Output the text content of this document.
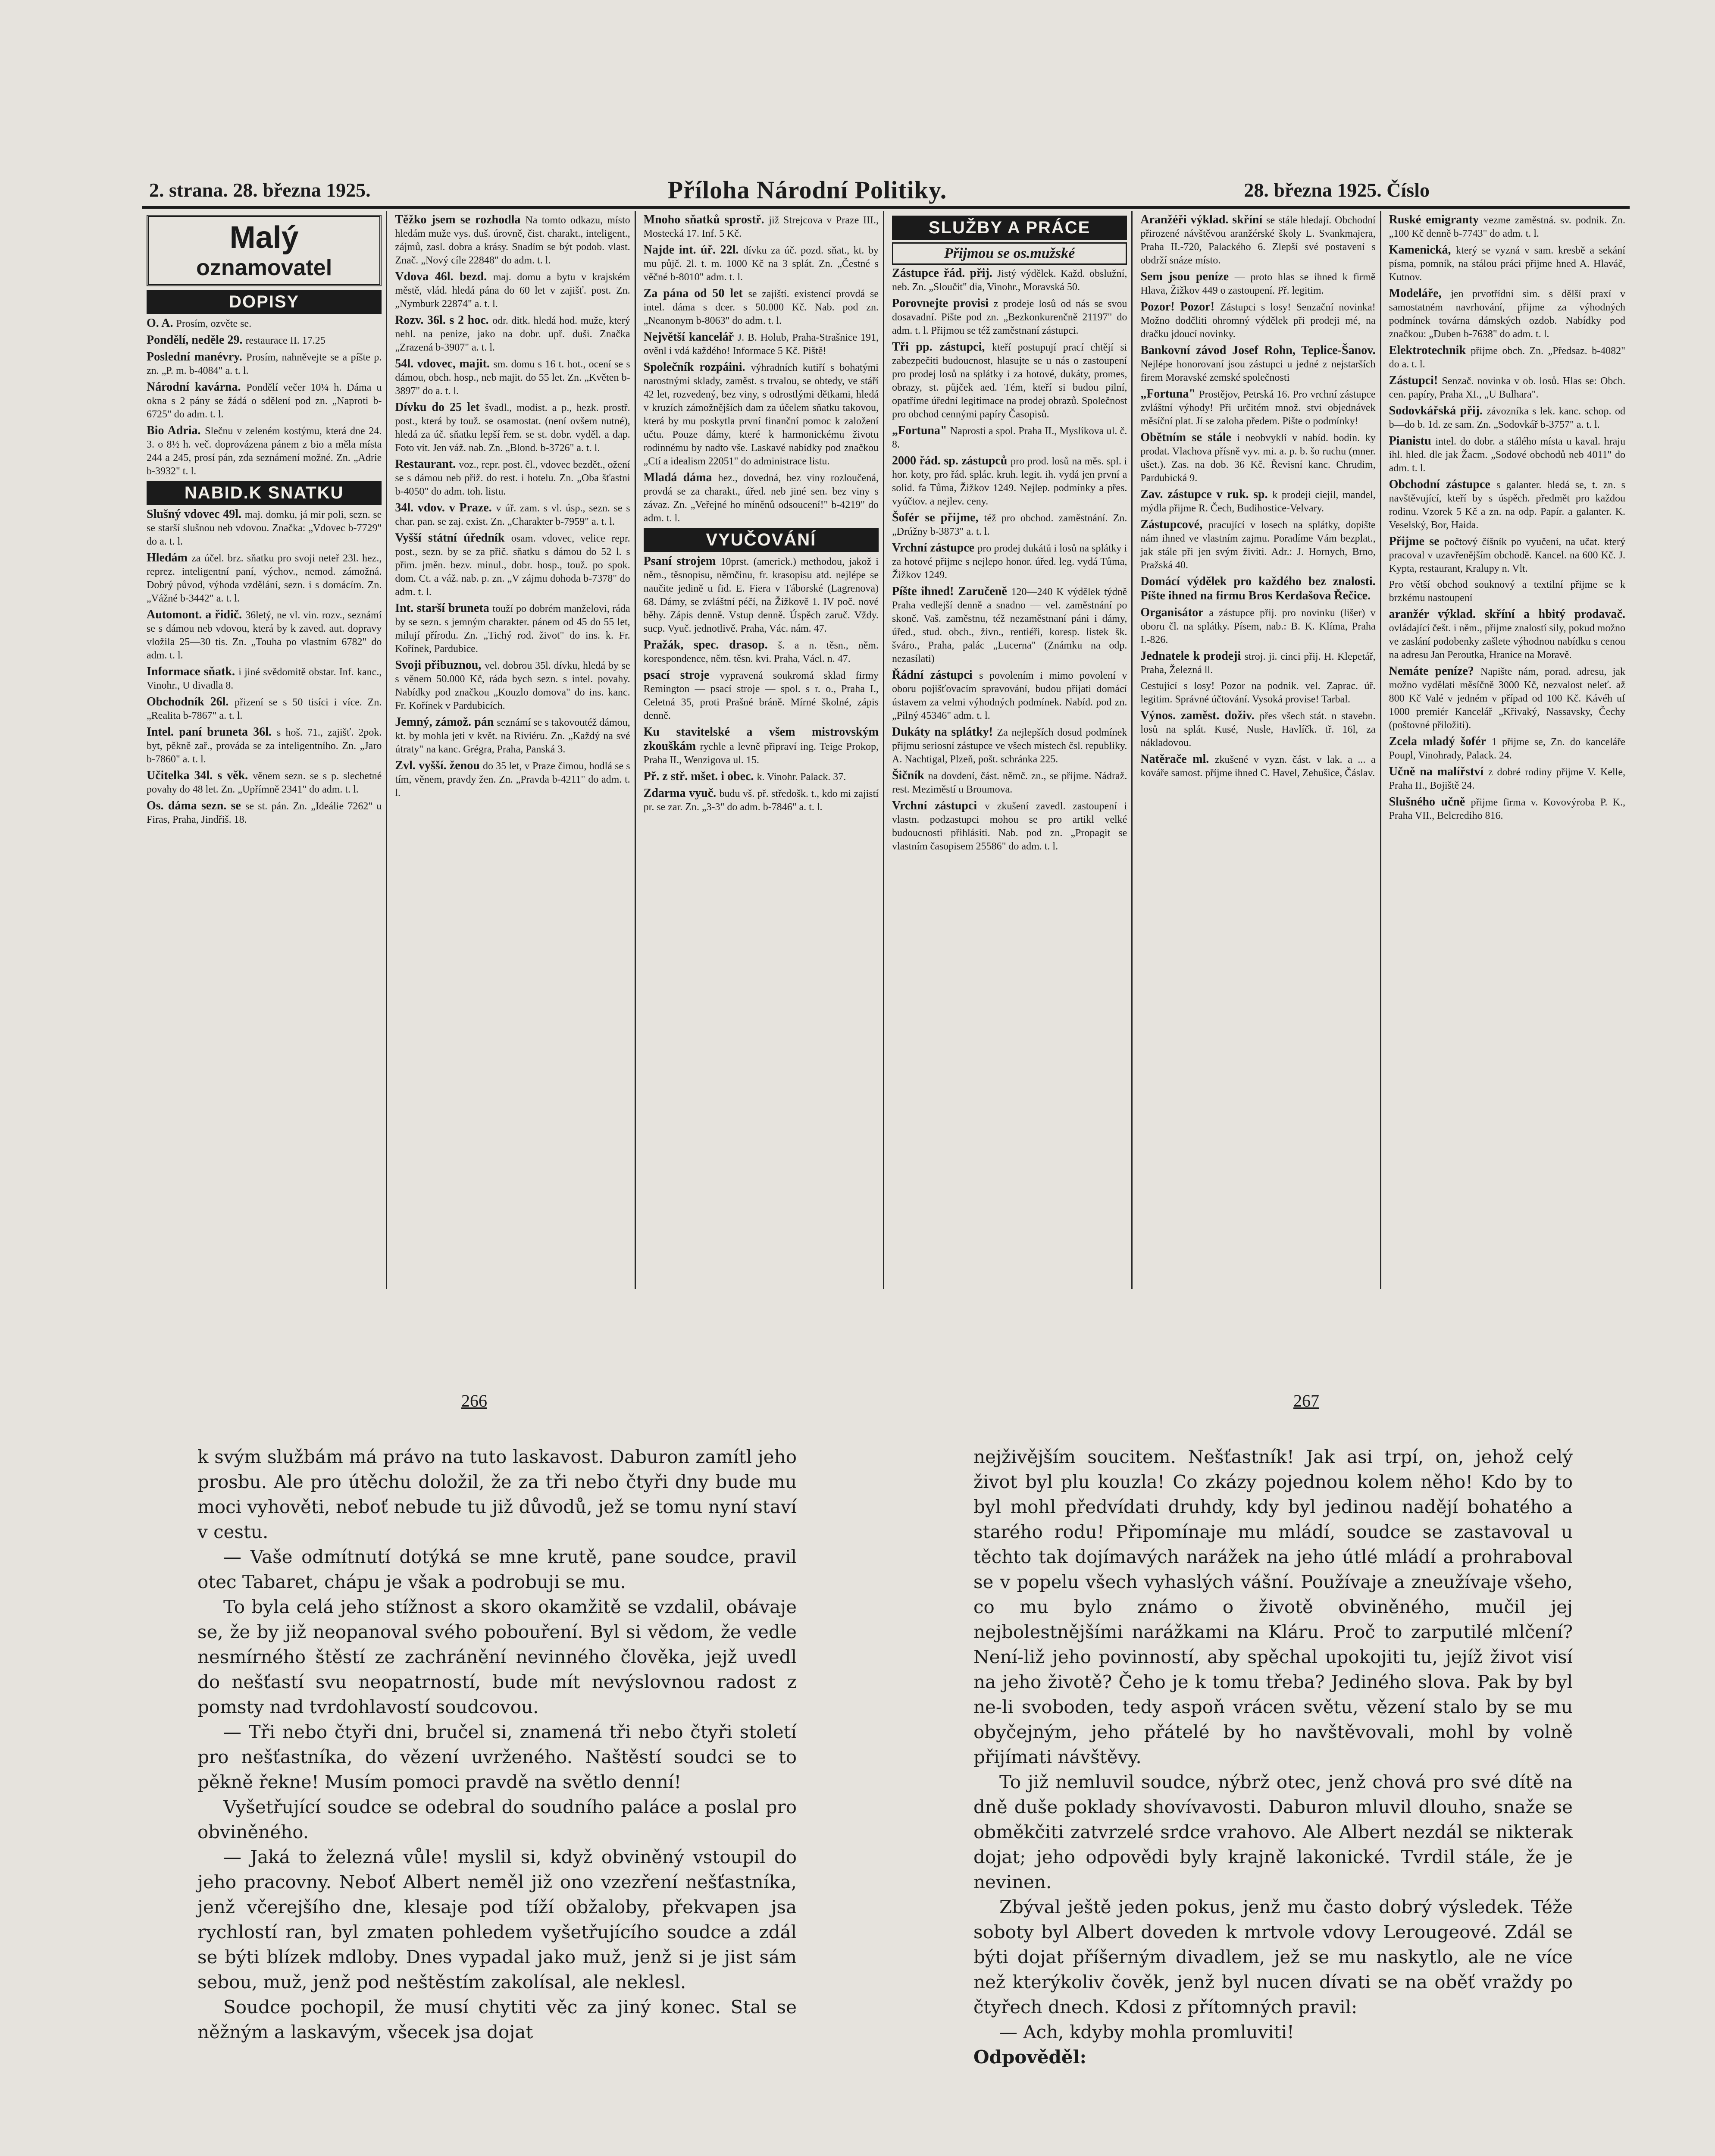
2. strana. 28. března 1925.	Příloha Národní Politiky.	28. března 1925. Číslo
Malý
oznamovatel
DOPISY
O. A. Prosím, ozvěte se.
Pondělí, neděle 29. restaurace II. 17.25
Poslední manévry. Prosím, nahněvejte se a píšte p. zn. „P. m. b-4084" a. t. l.
Národní kavárna. Pondělí večer 10¼ h. Dáma u okna s 2 pány se žádá o sdělení pod zn. „Naproti b-6725" do adm. t. l.
Bio Adria. Slečnu v zeleném kostýmu, která dne 24. 3. o 8½ h. več. doprovázena pánem z bio a měla místa 244 a 245, prosí pán, zda seznámení možné. Zn. „Adrie b-3932" t. l.
NABID.K SNATKU
Slušný vdovec 49l. maj. domku, já mir poli, sezn. se se starší slušnou neb vdovou. Značka: „Vdovec b-7729" do a. t. l.
Hledám za účel. brz. sňatku pro svoji neteř 23l. hez., reprez. inteligentní paní, výchov., nemod. zámožná. Dobrý původ, výhoda vzdělání, sezn. i s domácím. Zn. „Vážné b-3442" a. t. l.
Automont. a řidič. 36letý, ne vl. vin. rozv., seznámí se s dámou neb vdovou, která by k zaved. aut. dopravy vložila 25—30 tis. Zn. „Touha po vlastním 6782" do adm. t. l.
Informace sňatk. i jiné svědomitě obstar. Inf. kanc., Vinohr., U divadla 8.
Obchodník 26l. přizení se s 50 tisíci i více. Zn. „Realita b-7867" a. t. l.
Intel. paní bruneta 36l. s hoš. 71., zajišť. 2pok. byt, pěkně zař., prováda se za inteligentního. Zn. „Jaro b-7860" a. t. l.
Učitelka 34l. s věk. věnem sezn. se s p. slechetné povahy do 48 let. Zn. „Upřímně 2341" do adm. t. l.
Os. dáma sezn. se se st. pán. Zn. „Ideálie 7262" u Firas, Praha, Jindřiš. 18.
Těžko jsem se rozhodla Na tomto odkazu, místo hledám muže vys. duš. úrovně, čist. charakt., inteligent., zájmů, zasl. dobra a krásy. Snadím se být podob. vlast. Znač. „Nový cíle 22848" do adm. t. l.
Vdova 46l. bezd. maj. domu a bytu v krajském městě, vlád. hledá pána do 60 let v zajišť. post. Zn. „Nymburk 22874" a. t. l.
Rozv. 36l. s 2 hoc. odr. ditk. hledá hod. muže, který nehl. na penize, jako na dobr. upř. duši. Značka „Zrazená b-3907" a. t. l.
54l. vdovec, majit. sm. domu s 16 t. hot., ocení se s dámou, obch. hosp., neb majit. do 55 let. Zn. „Květen b-3897" do a. t. l.
Dívku do 25 let švadl., modist. a p., hezk. prostř. post., která by touž. se osamostat. (není ovšem nutné), hledá za úč. sňatku lepší řem. se st. dobr. vyděl. a dap. Foto vít. Jen váž. nab. Zn. „Blond. b-3726" a. t. l.
Restaurant. voz., repr. post. čl., vdovec bezdět., ožení se s dámou neb přiž. do rest. i hotelu. Zn. „Oba šťastni b-4050" do adm. toh. listu.
34l. vdov. v Praze. v úř. zam. s vl. úsp., sezn. se s char. pan. se zaj. exist. Zn. „Charakter b-7959" a. t. l.
Vyšší státní úředník osam. vdovec, velice repr. post., sezn. by se za přič. sňatku s dámou do 52 l. s přim. jměn. bezv. minul., dobr. hosp., touž. po spok. dom. Ct. a váž. nab. p. zn. „V zájmu dohoda b-7378" do adm. t. l.
Int. starší bruneta touží po dobrém manželovi, ráda by se sezn. s jemným charakter. pánem od 45 do 55 let, milují přírodu. Zn. „Tichý rod. život" do ins. k. Fr. Kořínek, Pardubice.
Svoji přibuznou, vel. dobrou 35l. dívku, hledá by se s věnem 50.000 Kč, ráda bych sezn. s intel. povahy. Nabídky pod značkou „Kouzlo domova" do ins. kanc. Fr. Kořínek v Pardubicích.
Jemný, zámož. pán seznámí se s takovoutéž dámou, kt. by mohla jeti v květ. na Riviéru. Zn. „Každý na své útraty" na kanc. Grégra, Praha, Panská 3.
Zvl. vyšší. ženou do 35 let, v Praze čimou, hodlá se s tím, věnem, pravdy žen. Zn. „Pravda b-4211" do adm. t. l.
Mnoho sňatků sprostř. již Strejcova v Praze III., Mostecká 17. Inf. 5 Kč.
Najde int. úř. 22l. dívku za úč. pozd. sňat., kt. by mu půjč. 2l. t. m. 1000 Kč na 3 splát. Zn. „Čestné s věčné b-8010" adm. t. l.
Za pána od 50 let se zajiští. existencí provdá se intel. dáma s dcer. s 50.000 Kč. Nab. pod zn. „Neanonym b-8063" do adm. t. l.
Největší kancelář J. B. Holub, Praha-Strašnice 191, ověnl i vdá každého! Informace 5 Kč. Piště!
Společník rozpáini. výhradních kutiří s bohatými narostnými sklady, zaměst. s trvalou, se obtedy, ve stáří 42 let, rozvedený, bez viny, s odrostlými dětkami, hledá v kruzích zámožnějších dam za účelem sňatku takovou, která by mu poskytla první finanční pomoc k založení učtu. Pouze dámy, které k harmonickému životu rodinnému by nadto vše. Laskavé nabídky pod značkou „Ctí a idealism 22051" do administrace listu.
Mladá dáma hez., dovedná, bez viny rozloučená, provdá se za charakt., úřed. neb jiné sen. bez viny s závaz. Zn. „Veřejné ho míněnů odsoucení!" b-4219" do adm. t. l.
VYUČOVÁNÍ
Psaní strojem 10prst. (americk.) methodou, jakož i něm., těsnopisu, němčinu, fr. krasopisu atd. nejlépe se naučite jedině u fid. E. Fiera v Táborské (Lagrenova) 68. Dámy, se zvláštní péčí, na Žižkově 1. IV poč. nové běhy. Zápis denně. Vstup denně. Úspěch zaruč. Vždy. sucp. Vyuč. jednotlivě. Praha, Vác. nám. 47.
Pražák, spec. drasop. š. a n. těsn., něm. korespondence, něm. těsn. kvi. Praha, Václ. n. 47.
psací stroje vypravená soukromá sklad firmy Remington — psací stroje — spol. s r. o., Praha I., Celetná 35, proti Prašné bráně. Mírné školné, zápis denně.
Ku stavitelské a všem mistrovským zkouškám rychle a levně připraví ing. Teige Prokop, Praha II., Wenzigova ul. 15.
Př. z stř. mšet. i obec. k. Vinohr. Palack. 37.
Zdarma vyuč. budu vš. př. středošk. t., kdo mi zajistí pr. se zar. Zn. „3-3" do adm. b-7846" a. t. l.
SLUŽBY A PRÁCE
Přijmou se os.mužské
Zástupce řád. přij. Jistý výdělek. Každ. obslužní, neb. Zn. „Sloučit" dia, Vinohr., Moravská 50.
Porovnejte provisi z prodeje losů od nás se svou dosavadní. Pište pod zn. „Bezkonkurenčně 21197" do adm. t. l. Přijmou se též zaměstnaní zástupci.
Tři pp. zástupci, kteří postupují prací chtějí si zabezpečiti budoucnost, hlasujte se u nás o zastoupení pro prodej losů na splátky i za hotové, dukáty, promes, obrazy, st. půjček aed. Tém, kteří si budou pilní, opatříme úřední legitimace na prodej obrazů. Společnost pro obchod cennými papíry Časopisů.
„Fortuna" Naprosti a spol. Praha II., Myslíkova ul. č. 8.
2000 řád. sp. zástupců pro prod. losů na měs. spl. i hor. koty, pro řád. splác. kruh. legit. ih. vydá jen první a solid. fa Tůma, Žižkov 1249. Nejlep. podmínky a přes. vyúčtov. a nejlev. ceny.
Šofér se přijme, též pro obchod. zaměstnání. Zn. „Drúžny b-3873" a. t. l.
Vrchní zástupce pro prodej dukátů i losů na splátky i za hotové přijme s nejlepo honor. úřed. leg. vydá Tůma, Žižkov 1249.
Píšte ihned! Zaručeně 120—240 K výdělek týdně Praha vedlejší denně a snadno — vel. zaměstnání po skonč. Vaš. zaměstnu, též nezaměstnaní páni i dámy, úřed., stud. obch., živn., rentiéři, koresp. listek šk. šváro., Praha, palác „Lucerna" (Známku na odp. nezasílati)
Řádní zástupci s povolením i mimo povolení v oboru pojišťovacím spravování, budou přijati domácí ústavem za velmi výhodných podmínek. Nabíd. pod zn. „Pilný 45346" adm. t. l.
Dukáty na splátky! Za nejlepších dosud podmínek přijmu seriosní zástupce ve všech místech čsl. republiky. A. Nachtigal, Plzeň, pošt. schránka 225.
Šičník na dovdení, část. němč. zn., se přijme. Nádraž. rest. Meziměstí u Broumova.
Vrchní zástupci v zkušení zavedl. zastoupení i vlastn. podzastupci mohou se pro artikl velké budoucnosti přihlásiti. Nab. pod zn. „Propagit se vlastním časopisem 25586" do adm. t. l.
Aranžéři výklad. skříní se stále hledají. Obchodní přirozené návštěvou aranžérské školy L. Svankmajera, Praha II.-720, Palackého 6. Zlepší své postavení s obdrží snáze místo.
Sem jsou peníze — proto hlas se ihned k firmě Hlava, Žižkov 449 o zastoupení. Př. legitim.
Pozor! Pozor! Zástupci s losy! Senzační novinka! Možno dodčliti ohromný výdělek při prodeji mé, na dračku jdoucí novinky.
Bankovní závod Josef Rohn, Teplice-Šanov. Nejlépe honorovaní jsou zástupci u jedné z nejstarších firem Moravské zemské společnosti
„Fortuna" Prostějov, Petrská 16. Pro vrchní zástupce zvláštní výhody! Při určitém množ. stvi objednávek měsíční plat. Jí se zaloha předem. Pište o podmínky!
Obětním se stále i neobvyklí v nabíd. bodin. ky prodat. Vlachova přísně vyv. mi. a. p. b. šo ruchu (mner. ušet.). Zas. na dob. 36 Kč. Řevisní kanc. Chrudim, Pardubická 9.
Zav. zástupce v ruk. sp. k prodeji ciejil, mandel, mýdla přijme R. Čech, Budihostice-Velvary.
Zástupcové, pracující v losech na splátky, dopište nám ihned ve vlastním zajmu. Poradíme Vám bezplat., jak stále při jen svým živiti. Adr.: J. Hornych, Brno, Pražská 40.
Domácí výdělek pro každého bez znalosti. Píšte ihned na firmu Bros Kerdašova Řečice.
Organisátor a zástupce přij. pro novinku (lišer) v oboru čl. na splátky. Písem, nab.: B. K. Klíma, Praha I.-826.
Jednatele k prodeji stroj. ji. cinci přij. H. Klepetář, Praha, Železná ll.
Cestující s losy! Pozor na podnik. vel. Zaprac. úř. legitim. Správné účtování. Vysoká provise! Tarbal.
Výnos. zaměst. doživ. přes všech stát. n stavebn. losů na splát. Kusé, Nusle, Havlíčk. tř. 16l, za nákladovou.
Natěrače ml. zkušené v vyzn. část. v lak. a ... a kováře samost. příjme ihned C. Havel, Zehušice, Čáslav.
Ruské emigranty vezme zaměstná. sv. podnik. Zn. „100 Kč denně b-7743" do adm. t. l.
Kamenická, který se vyzná v sam. kresbě a sekání písma, pomník, na stálou práci přijme hned A. Hlaváč, Kutnov.
Modeláře, jen prvotřídní sim. s dělší praxí v samostatném navrhování, přijme za výhodných podmínek továrna dámských ozdob. Nabídky pod značkou: „Duben b-7638" do adm. t. l.
Elektrotechnik přijme obch. Zn. „Předsaz. b-4082" do a. t. l.
Zástupci! Senzač. novinka v ob. losů. Hlas se: Obch. cen. papíry, Praha XI., „U Bulhara".
Sodovkářská přij. závozníka s lek. kanc. schop. od b—do b. 1d. ze sam. Zn. „Sodovkář b-3757" a. t. l.
Pianistu intel. do dobr. a stálého místa u kaval. hraju ihl. hled. dle jak Žacm. „Sodové obchodů neb 4011" do adm. t. l.
Obchodní zástupce s galanter. hledá se, t. zn. s navštěvující, kteří by s úspěch. předmět pro každou rodinu. Vzorek 5 Kč a zn. na odp. Papír. a galanter. K. Veselský, Bor, Haida.
Přijme se počtový číšník po vyučení, na učat. který pracoval v uzavřenějším obchodě. Kancel. na 600 Kč. J. Kypta, restaurant, Kralupy n. Vlt.
Pro větší obchod souknový a textilní přijme se k brzkému nastoupení
aranžér výklad. skříní a hbitý prodavač. ovládající češt. i něm., přijme znalostí sily, pokud možno ve zaslání podobenky zašlete výhodnou nabídku s cenou na adresu Jan Peroutka, Hranice na Moravě.
Nemáte peníze? Napište nám, porad. adresu, jak možno vydělati měsíčně 3000 Kč, nezvalost neleť. až 800 Kč Valé v jedném v případ od 100 Kč. Kávéh uf 1000 premiér Kancelář „Křivaký, Nassavsky, Čechy (poštovné přiložiti).
Zcela mladý šofér 1 přijme se, Zn. do kanceláře Poupl, Vinohrady, Palack. 24.
Učně na malířství z dobré rodiny přijme V. Kelle, Praha II., Bojiště 24.
Slušného učně přijme firma v. Kovovýroba P. K., Praha VII., Belcrediho 816.
266	267

k svým službám má právo na tuto laskavost. Daburon zamítl jeho prosbu. Ale pro útěchu doložil, že za tři nebo čtyři dny bude mu moci vyhověti, neboť nebude tu již důvodů, jež se tomu nyní staví v cestu.

— Vaše odmítnutí dotýká se mne krutě, pane soudce, pravil otec Tabaret, chápu je však a podrobuji se mu.

To byla celá jeho stížnost a skoro okamžitě se vzdalil, obávaje se, že by již neopanoval svého pobouření. Byl si vědom, že vedle nesmírného štěstí ze zachránění nevinného člověka, jejž uvedl do nešťastí svu neopatrností, bude mít nevýslovnou radost z pomsty nad tvrdohlavostí soudcovou.

— Tři nebo čtyři dni, bručel si, znamená tři nebo čtyři století pro nešťastníka, do vězení uvrženého. Naštěstí soudci se to pěkně řekne! Musím pomoci pravdě na světlo denní!

Vyšetřující soudce se odebral do soudního paláce a poslal pro obviněného.

— Jaká to železná vůle! myslil si, když obviněný vstoupil do jeho pracovny. Neboť Albert neměl již ono vzezření nešťastníka, jenž včerejšího dne, klesaje pod tíží obžaloby, překvapen jsa rychlostí ran, byl zmaten pohledem vyšetřujícího soudce a zdál se býti blízek mdloby. Dnes vypadal jako muž, jenž si je jist sám sebou, muž, jenž pod neštěstím zakolísal, ale neklesl.

Soudce pochopil, že musí chytiti věc za jiný konec. Stal se něžným a laskavým, všecek jsa dojat

nejživějším soucitem. Nešťastník! Jak asi trpí, on, jehož celý život byl plu kouzla! Co zkázy pojednou kolem něho! Kdo by to byl mohl předvídati druhdy, kdy byl jedinou nadějí bohatého a starého rodu! Připomínaje mu mládí, soudce se zastavoval u těchto tak dojímavých narážek na jeho útlé mládí a prohraboval se v popelu všech vyhaslých vášní. Používaje a zneužívaje všeho, co mu bylo známo o životě obviněného, mučil jej nejbolestnějšími narážkami na Kláru. Proč to zarputilé mlčení? Není-liž jeho povinností, aby spěchal upokojiti tu, jejíž život visí na jeho životě? Čeho je k tomu třeba? Jediného slova. Pak by byl ne-li svoboden, tedy aspoň vrácen světu, vězení stalo by se mu obyčejným, jeho přátelé by ho navštěvovali, mohl by volně přijímati návštěvy.

To již nemluvil soudce, nýbrž otec, jenž chová pro své dítě na dně duše poklady shovívavosti. Daburon mluvil dlouho, snaže se obměkčiti zatvrzelé srdce vrahovo. Ale Albert nezdál se nikterak dojat; jeho odpovědi byly krajně lakonické. Tvrdil stále, že je nevinen.

Zbýval ještě jeden pokus, jenž mu často dobrý výsledek. Téže soboty byl Albert doveden k mrtvole vdovy Lerougeové. Zdál se býti dojat příšerným divadlem, jež se mu naskytlo, ale ne více než kterýkoliv čověk, jenž byl nucen dívati se na oběť vraždy po čtyřech dnech. Kdosi z přítomných pravil:

— Ach, kdyby mohla promluviti!

Odpověděl:
